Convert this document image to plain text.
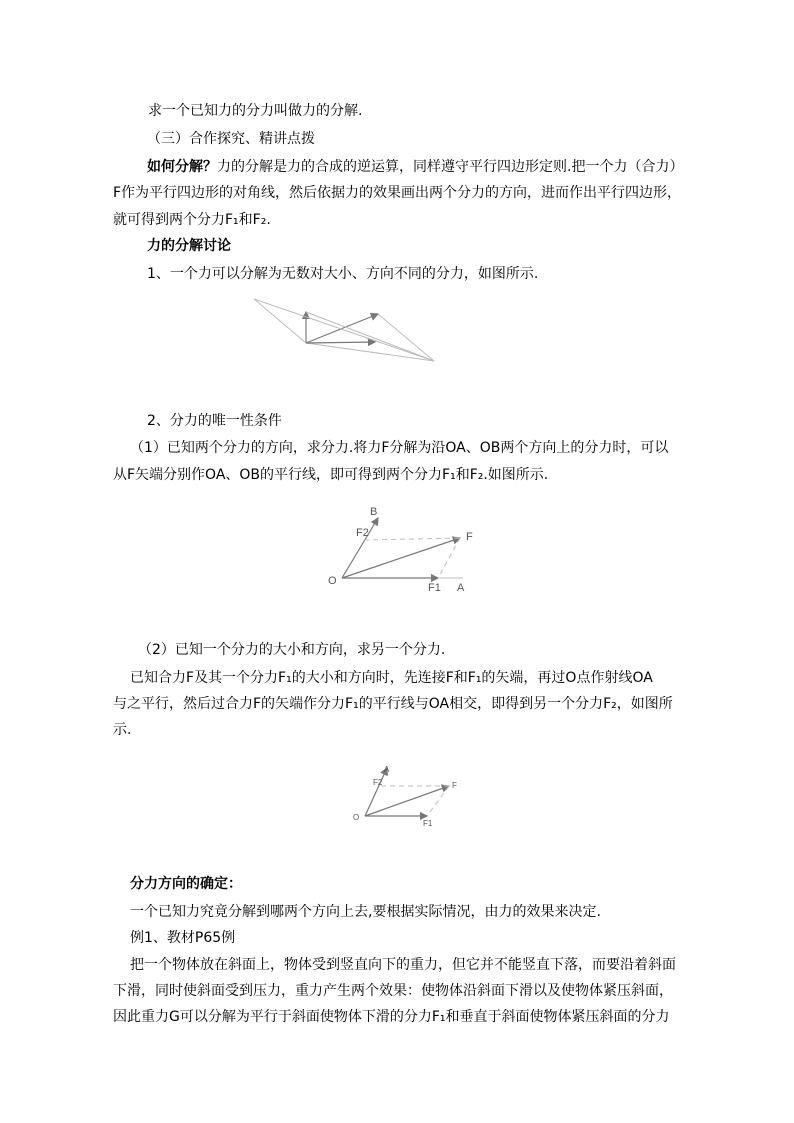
求一个已知力的分力叫做力的分解.
（三）合作探究、精讲点拨
如何分解？力的分解是力的合成的逆运算，同样遵守平行四边形定则.把一个力（合力）
F作为平行四边形的对角线，然后依据力的效果画出两个分力的方向，进而作出平行四边形，
就可得到两个分力F₁和F₂.
力的分解讨论
1、一个力可以分解为无数对大小、方向不同的分力，如图所示.
2、分力的唯一性条件
（1）已知两个分力的方向，求分力.将力F分解为沿OA、OB两个方向上的分力时，可以
从F矢端分别作OA、OB的平行线，即可得到两个分力F₁和F₂.如图所示.
B
F2	F
O
F1 A
（2）已知一个分力的大小和方向，求另一个分力.
已知合力F及其一个分力F₁的大小和方向时，先连接F和F₁的矢端，再过O点作射线OA
与之平行，然后过合力F的矢端作分力F₁的平行线与OA相交，即得到另一个分力F₂，如图所
示.
A
F2	F
O
F1
分力方向的确定：
一个已知力究竟分解到哪两个方向上去,要根据实际情况，由力的效果来决定.
例1、教材P65例
把一个物体放在斜面上，物体受到竖直向下的重力，但它并不能竖直下落，而要沿着斜面
下滑，同时使斜面受到压力，重力产生两个效果：使物体沿斜面下滑以及使物体紧压斜面，
因此重力G可以分解为平行于斜面使物体下滑的分力F₁和垂直于斜面使物体紧压斜面的分力
